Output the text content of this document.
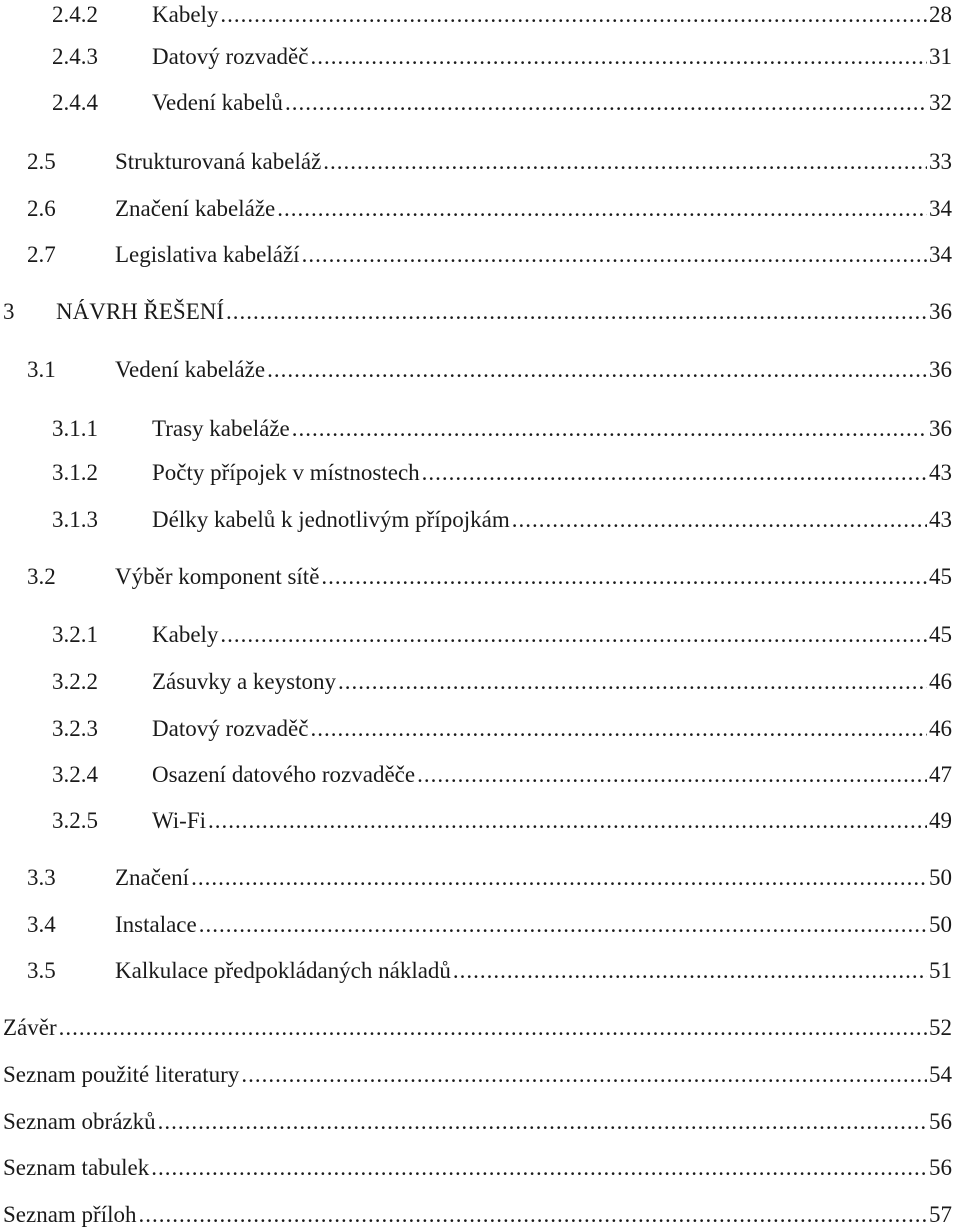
2.4.2	Kabely .....	28
2.4.3	Datový rozvaděč .....	31
2.4.4	Vedení kabelů .....	32
2.5	Strukturovaná kabeláž .....	33
2.6	Značení kabeláže .....	34
2.7	Legislativa kabeláží .....	34
3	NÁVRH ŘEŠENÍ .....	36
3.1	Vedení kabeláže .....	36
3.1.1	Trasy kabeláže .....	36
3.1.2	Počty přípojek v místnostech .....	43
3.1.3	Délky kabelů k jednotlivým přípojkám .....	43
3.2	Výběr komponent sítě .....	45
3.2.1	Kabely .....	45
3.2.2	Zásuvky a keystony .....	46
3.2.3	Datový rozvaděč .....	46
3.2.4	Osazení datového rozvaděče .....	47
3.2.5	Wi-Fi .....	49
3.3	Značení .....	50
3.4	Instalace .....	50
3.5	Kalkulace předpokládaných nákladů .....	51
Závěr .....	52
Seznam použité literatury .....	54
Seznam obrázků .....	56
Seznam tabulek .....	56
Seznam příloh .....	57
